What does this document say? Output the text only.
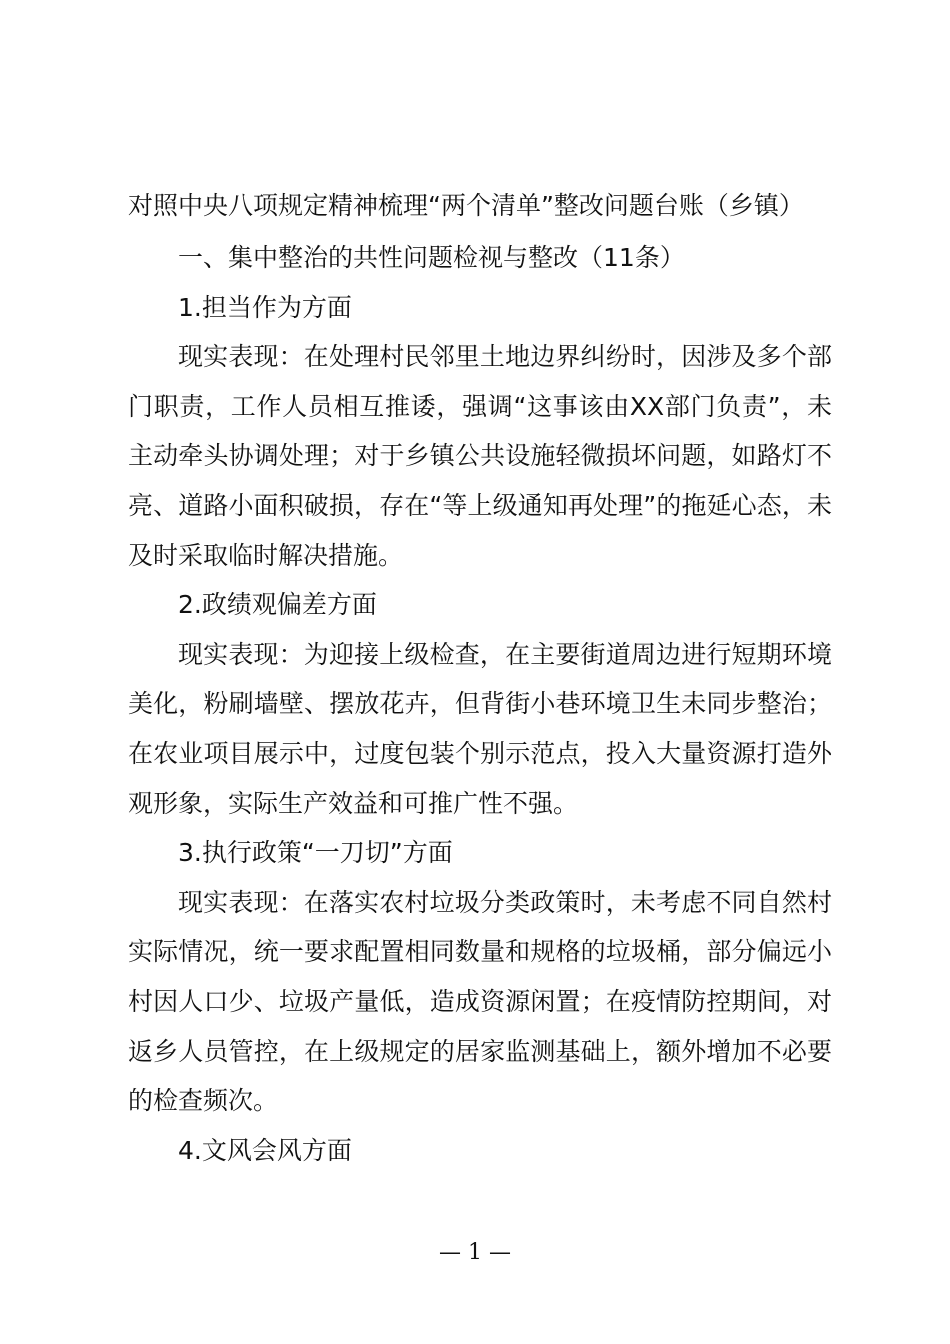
对照中央八项规定精神梳理“两个清单”整改问题台账（乡镇）

一、集中整治的共性问题检视与整改（11条）

1.担当作为方面

现实表现：在处理村民邻里土地边界纠纷时，因涉及多个部门职责，工作人员相互推诿，强调“这事该由XX部门负责”，未主动牵头协调处理；对于乡镇公共设施轻微损坏问题，如路灯不亮、道路小面积破损，存在“等上级通知再处理”的拖延心态，未及时采取临时解决措施。

2.政绩观偏差方面

现实表现：为迎接上级检查，在主要街道周边进行短期环境美化，粉刷墙壁、摆放花卉，但背街小巷环境卫生未同步整治；在农业项目展示中，过度包装个别示范点，投入大量资源打造外观形象，实际生产效益和可推广性不强。

3.执行政策“一刀切”方面

现实表现：在落实农村垃圾分类政策时，未考虑不同自然村实际情况，统一要求配置相同数量和规格的垃圾桶，部分偏远小村因人口少、垃圾产量低，造成资源闲置；在疫情防控期间，对返乡人员管控，在上级规定的居家监测基础上，额外增加不必要的检查频次。

4.文风会风方面

— 1 —
